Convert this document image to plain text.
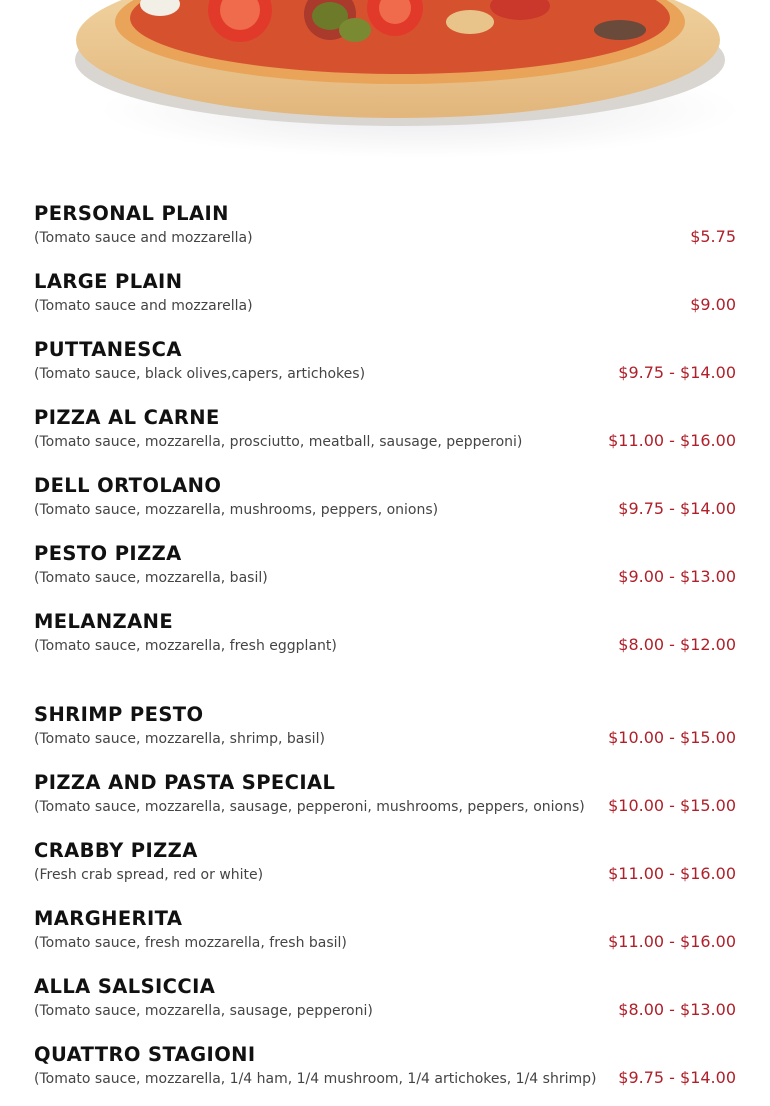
PERSONAL PLAIN
(Tomato sauce and mozzarella)	$5.75
LARGE PLAIN
(Tomato sauce and mozzarella)	$9.00
PUTTANESCA
(Tomato sauce, black olives,capers, artichokes)	$9.75 - $14.00
PIZZA AL CARNE
(Tomato sauce, mozzarella, prosciutto, meatball, sausage, pepperoni)	$11.00 - $16.00
DELL ORTOLANO
(Tomato sauce, mozzarella, mushrooms, peppers, onions)	$9.75 - $14.00
PESTO PIZZA
(Tomato sauce, mozzarella, basil)	$9.00 - $13.00
MELANZANE
(Tomato sauce, mozzarella, fresh eggplant)	$8.00 - $12.00
SHRIMP PESTO
(Tomato sauce, mozzarella, shrimp, basil)	$10.00 - $15.00
PIZZA AND PASTA SPECIAL
(Tomato sauce, mozzarella, sausage, pepperoni, mushrooms, peppers, onions) $10.00 - $15.00
CRABBY PIZZA
(Fresh crab spread, red or white)	$11.00 - $16.00
MARGHERITA
(Tomato sauce, fresh mozzarella, fresh basil)	$11.00 - $16.00
ALLA SALSICCIA
(Tomato sauce, mozzarella, sausage, pepperoni)	$8.00 - $13.00
QUATTRO STAGIONI
(Tomato sauce, mozzarella, 1/4 ham, 1/4 mushroom, 1/4 artichokes, 1/4 shrimp) $9.75 - $14.00
